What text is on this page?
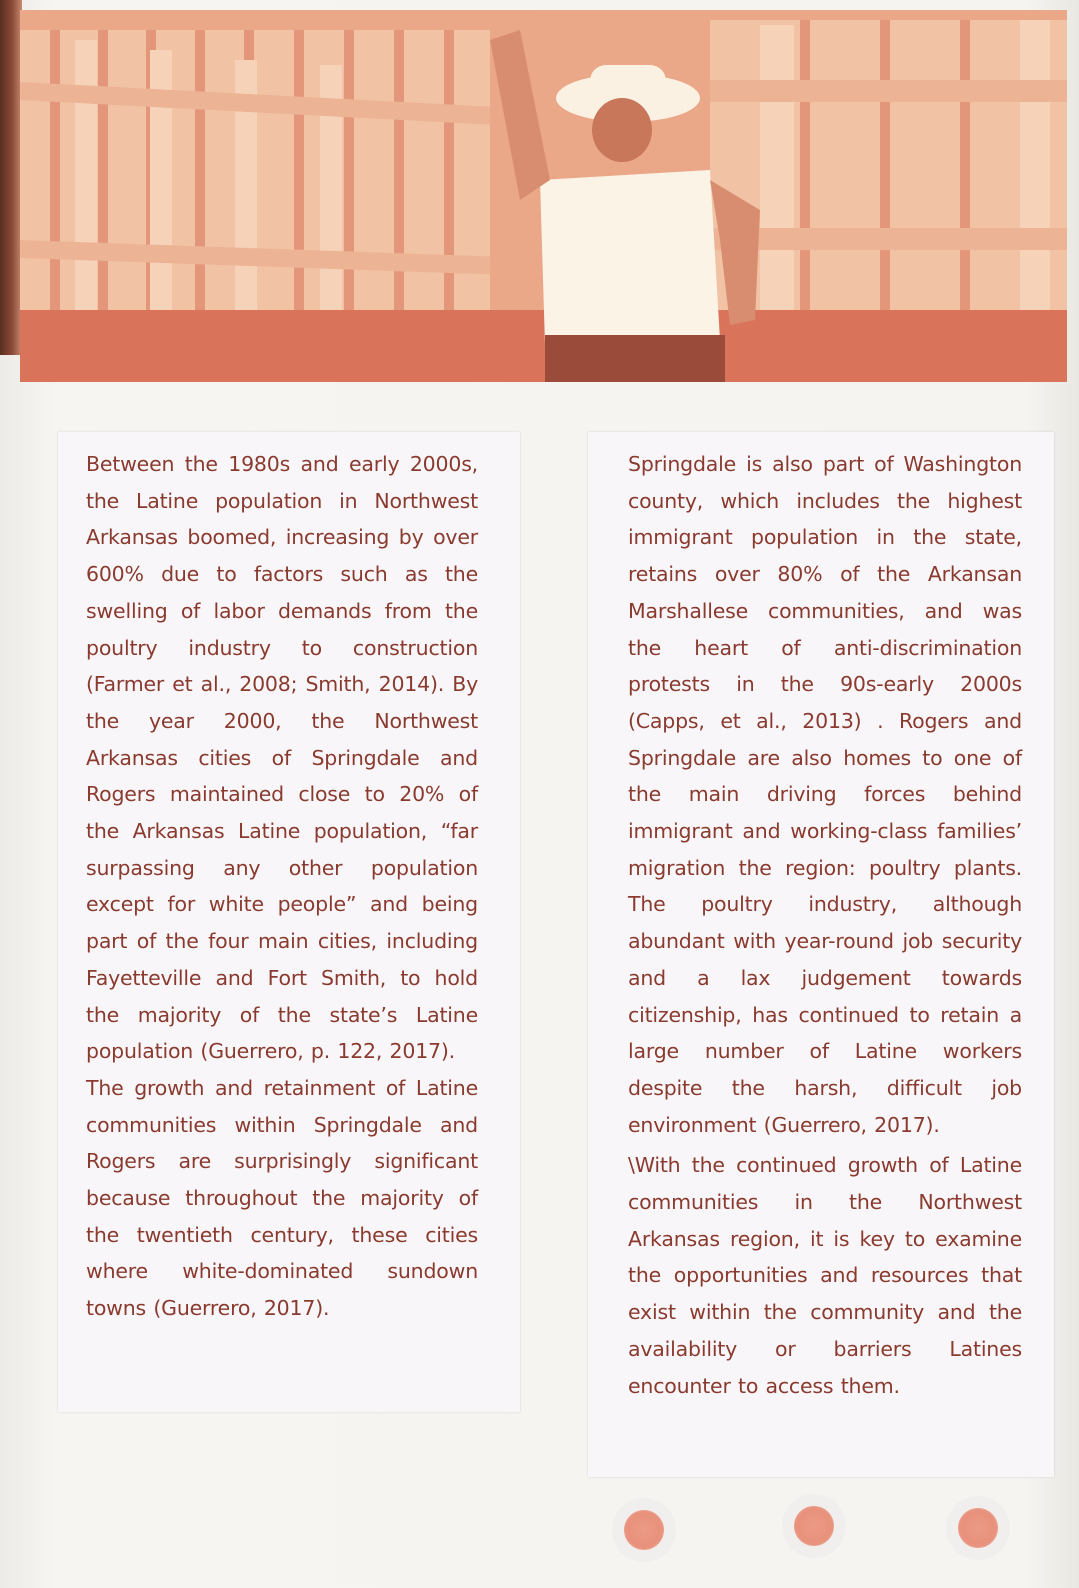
Between the 1980s and early 2000s, the Latine population in Northwest Arkansas boomed, increasing by over 600% due to factors such as the swelling of labor demands from the poultry industry to construction (Farmer et al., 2008; Smith, 2014). By the year 2000, the Northwest Arkansas cities of Springdale and Rogers maintained close to 20% of the Arkansas Latine population, “far surpassing any other population except for white people” and being part of the four main cities, including Fayetteville and Fort Smith, to hold the majority of the state’s Latine population (Guerrero, p. 122, 2017).

The growth and retainment of Latine communities within Springdale and Rogers are surprisingly significant because throughout the majority of the twentieth century, these cities where white-dominated sundown towns (Guerrero, 2017).

Springdale is also part of Washington county, which includes the highest immigrant population in the state, retains over 80% of the Arkansan Marshallese communities, and was the heart of anti-discrimination protests in the 90s-early 2000s (Capps, et al., 2013) . Rogers and Springdale are also homes to one of the main driving forces behind immigrant and working-class families’ migration the region: poultry plants. The poultry industry, although abundant with year-round job security and a lax judgement towards citizenship, has continued to retain a large number of Latine workers despite the harsh, difficult job environment (Guerrero, 2017).

\With the continued growth of Latine communities in the Northwest Arkansas region, it is key to examine the opportunities and resources that exist within the community and the availability or barriers Latines encounter to access them.
